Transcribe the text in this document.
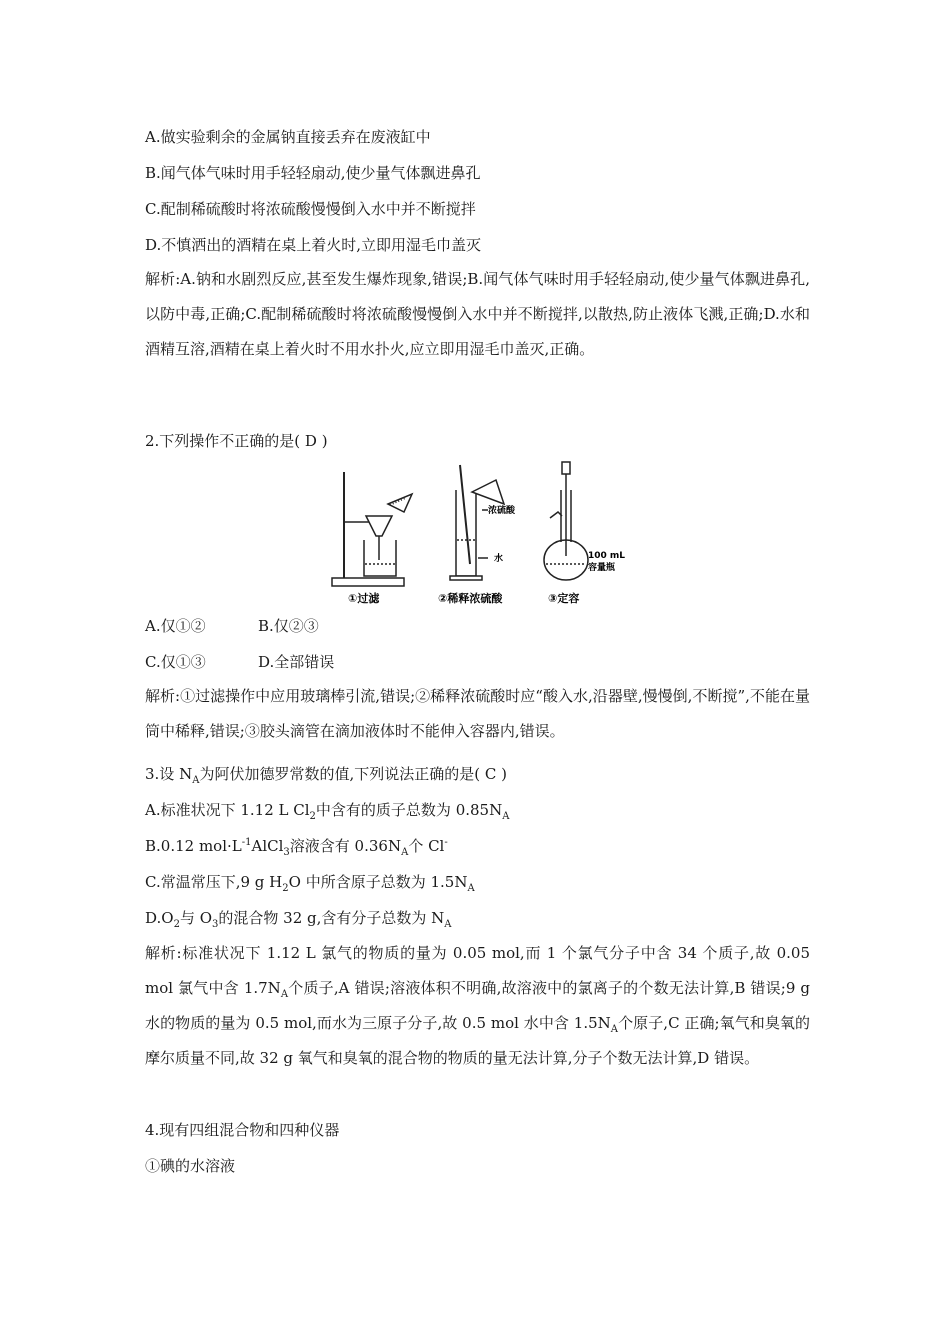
A.做实验剩余的金属钠直接丢弃在废液缸中
B.闻气体气味时用手轻轻扇动,使少量气体飘进鼻孔
C.配制稀硫酸时将浓硫酸慢慢倒入水中并不断搅拌
D.不慎洒出的酒精在桌上着火时,立即用湿毛巾盖灭
解析:A.钠和水剧烈反应,甚至发生爆炸现象,错误;B.闻气体气味时用手轻轻扇动,使少量气体飘进鼻孔,以防中毒,正确;C.配制稀硫酸时将浓硫酸慢慢倒入水中并不断搅拌,以散热,防止液体飞溅,正确;D.水和酒精互溶,酒精在桌上着火时不用水扑火,应立即用湿毛巾盖灭,正确。
2.下列操作不正确的是( D )
浓硫酸
水	100 mL
容量瓶
①过滤	②稀释浓硫酸	③定容
A.仅①②	B.仅②③
C.仅①③	D.全部错误
解析:①过滤操作中应用玻璃棒引流,错误;②稀释浓硫酸时应“酸入水,沿器壁,慢慢倒,不断搅”,不能在量筒中稀释,错误;③胶头滴管在滴加液体时不能伸入容器内,错误。
3.设 $N_A$为阿伏加德罗常数的值,下列说法正确的是( C )
A.标准状况下 1.12 L $Cl_2$中含有的质子总数为 $0.85N_A$
B.0.12 $mol\cdot L^{-1}AlCl_3$溶液含有 $0.36N_A$个 Cl-
C.常温常压下,9 g $H_2O$ 中所含原子总数为 $1.5N_A$
$D.O_2$与 $O_3$的混合物 32 g,含有分子总数为 $N_A$
解析:标准状况下 1.12 L 氯气的物质的量为 0.05 mol,而 1 个氯气分子中含 34 个质子,故 0.05 mol 氯气中含 $1.7N_A$个质子,A 错误;溶液体积不明确,故溶液中的氯离子的个数无法计算,B 错误;9 g 水的物质的量为 0.5 mol,而水为三原子分子,故 0.5 mol 水中含 $1.5N_A$个原子,C 正确;氧气和臭氧的摩尔质量不同,故 32 g 氧气和臭氧的混合物的物质的量无法计算,分子个数无法计算,D 错误。
4.现有四组混合物和四种仪器
①碘的水溶液
